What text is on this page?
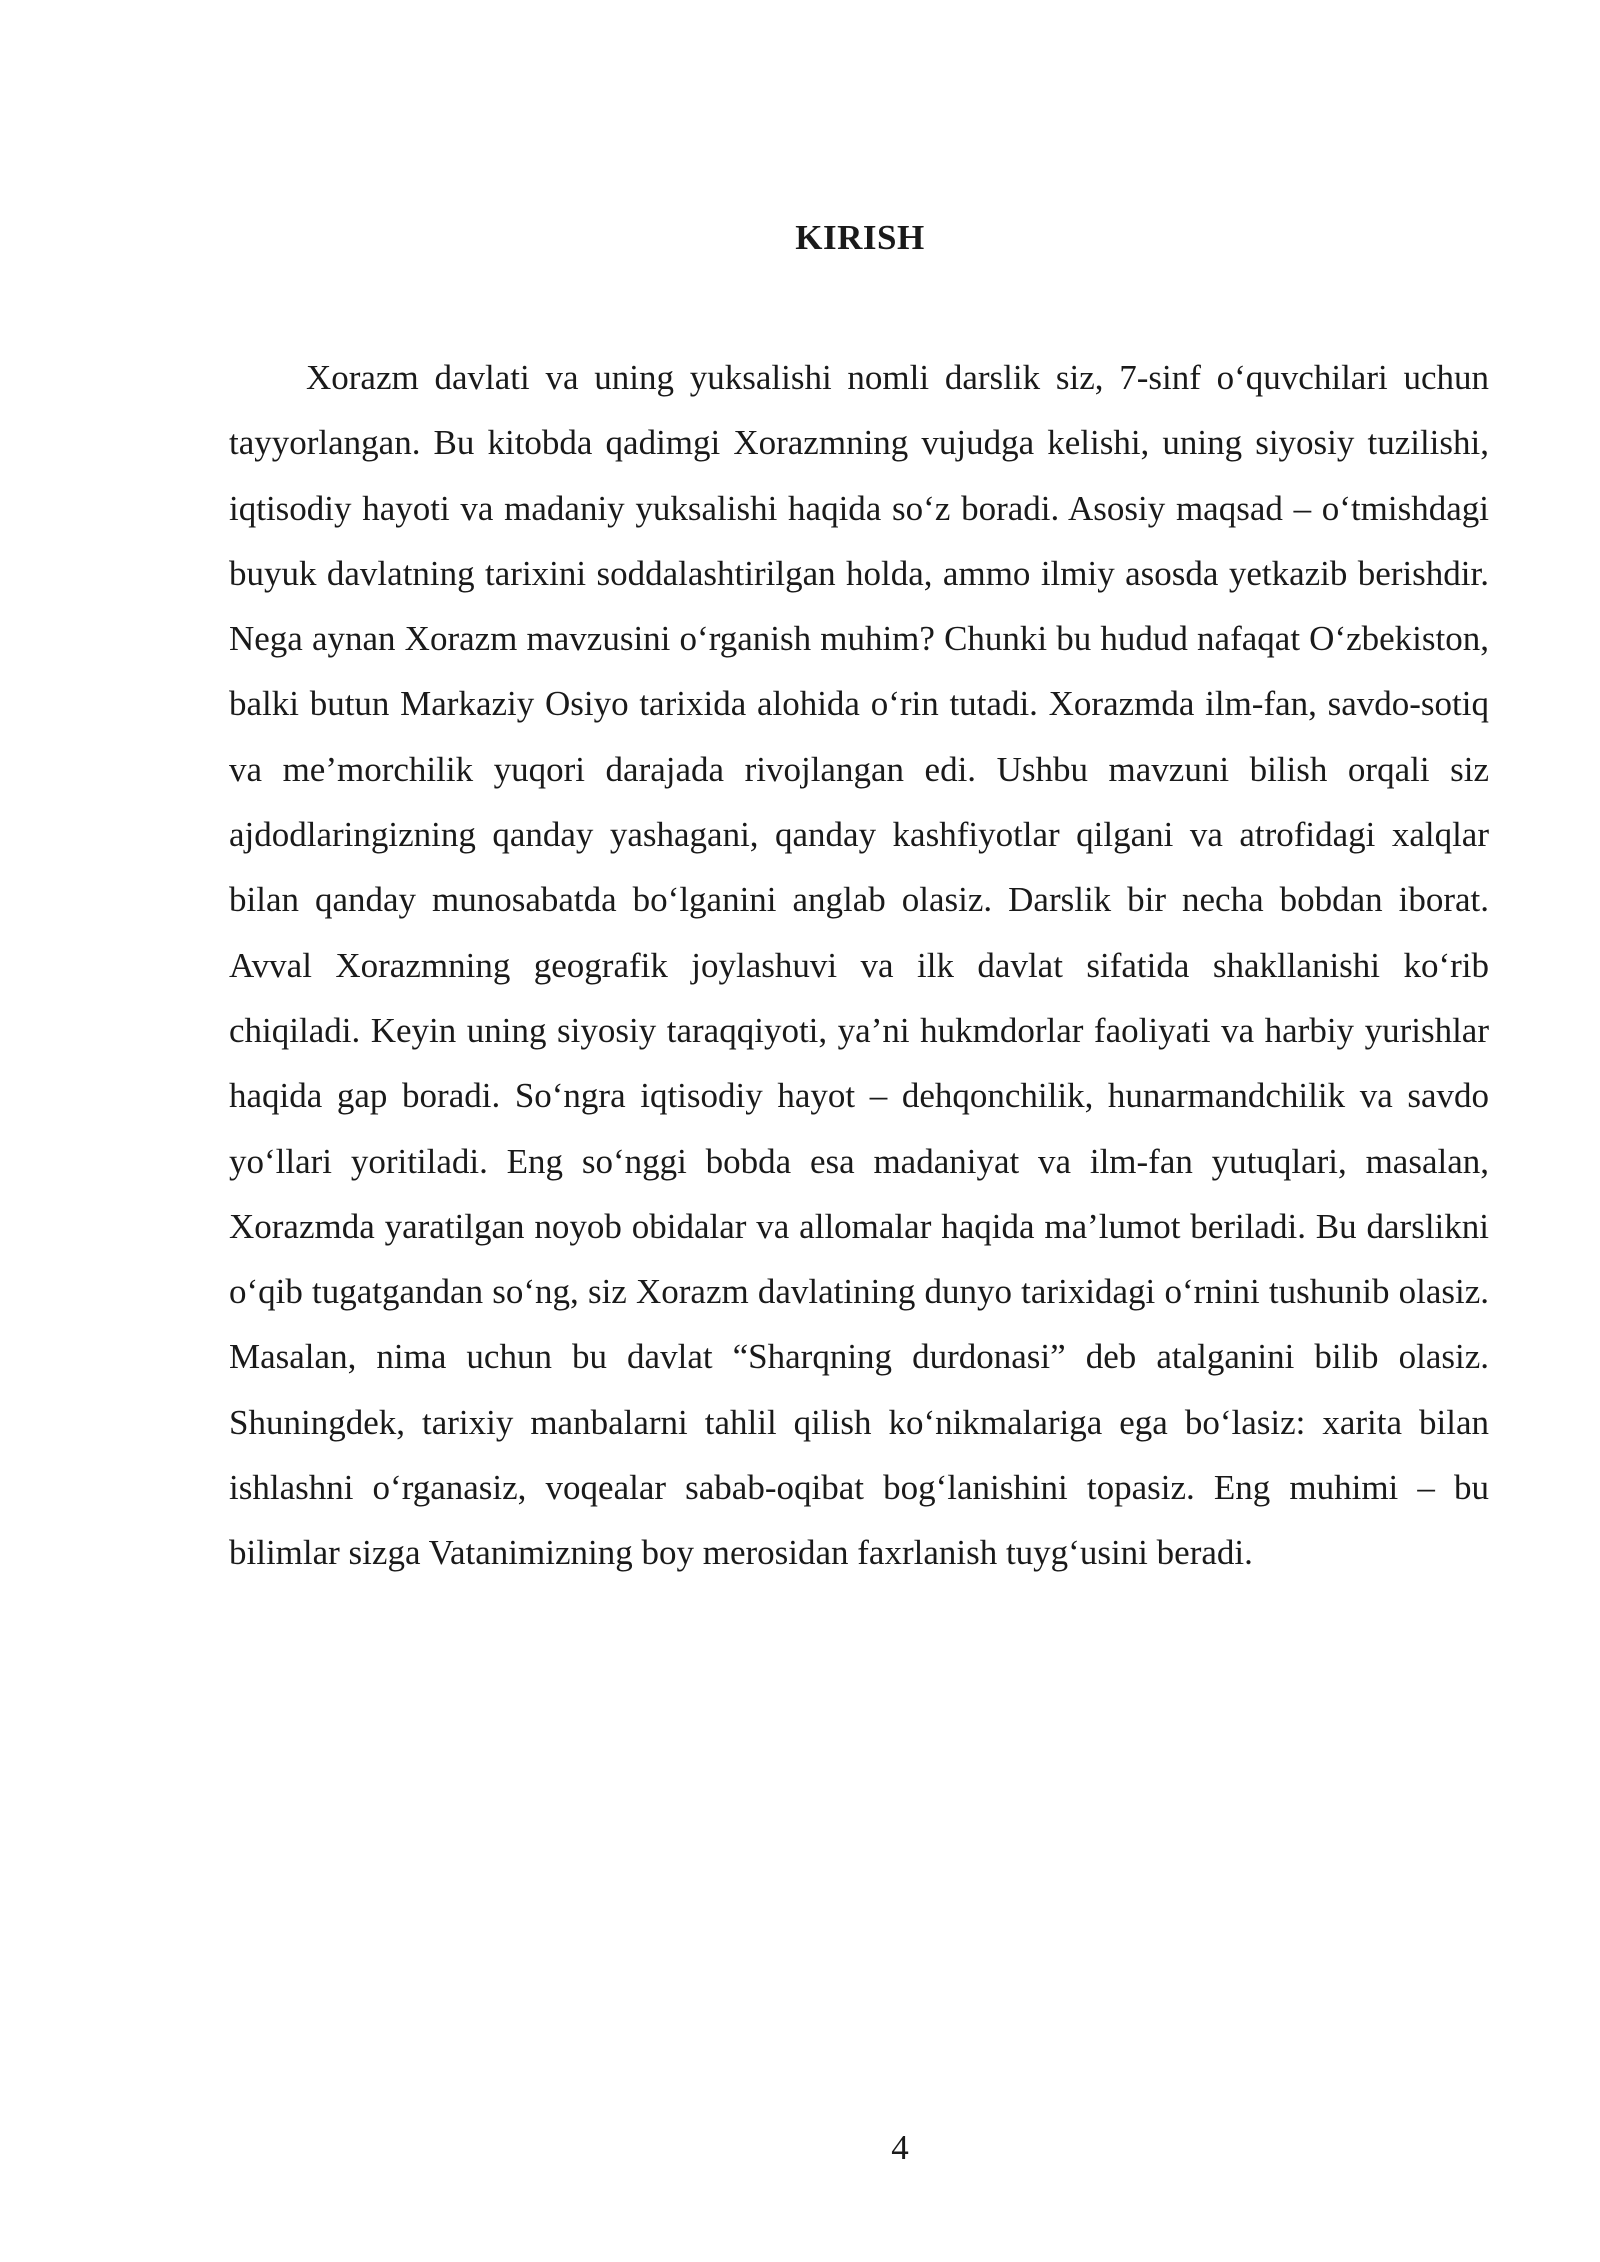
KIRISH

Xorazm davlati va uning yuksalishi nomli darslik siz, 7-sinf o‘quvchilari uchun tayyorlangan. Bu kitobda qadimgi Xorazmning vujudga kelishi, uning siyosiy tuzilishi, iqtisodiy hayoti va madaniy yuksalishi haqida so‘z boradi. Asosiy maqsad – o‘tmishdagi buyuk davlatning tarixini soddalashtirilgan holda, ammo ilmiy asosda yetkazib berishdir. Nega aynan Xorazm mavzusini o‘rganish muhim? Chunki bu hudud nafaqat O‘zbekiston, balki butun Markaziy Osiyo tarixida alohida o‘rin tutadi. Xorazmda ilm-fan, savdo-sotiq va me’morchilik yuqori darajada rivojlangan edi. Ushbu mavzuni bilish orqali siz ajdodlaringizning qanday yashagani, qanday kashfiyotlar qilgani va atrofidagi xalqlar bilan qanday munosabatda bo‘lganini anglab olasiz. Darslik bir necha bobdan iborat. Avval Xorazmning geografik joylashuvi va ilk davlat sifatida shakllanishi ko‘rib chiqiladi. Keyin uning siyosiy taraqqiyoti, ya’ni hukmdorlar faoliyati va harbiy yurishlar haqida gap boradi. So‘ngra iqtisodiy hayot – dehqonchilik, hunarmandchilik va savdo yo‘llari yoritiladi. Eng so‘nggi bobda esa madaniyat va ilm-fan yutuqlari, masalan, Xorazmda yaratilgan noyob obidalar va allomalar haqida ma’lumot beriladi. Bu darslikni o‘qib tugatgandan so‘ng, siz Xorazm davlatining dunyo tarixidagi o‘rnini tushunib olasiz. Masalan, nima uchun bu davlat “Sharqning durdonasi” deb atalganini bilib olasiz. Shuningdek, tarixiy manbalarni tahlil qilish ko‘nikmalariga ega bo‘lasiz: xarita bilan ishlashni o‘rganasiz, voqealar sabab-oqibat bog‘lanishini topasiz. Eng muhimi – bu bilimlar sizga Vatanimizning boy merosidan faxrlanish tuyg‘usini beradi.

4
